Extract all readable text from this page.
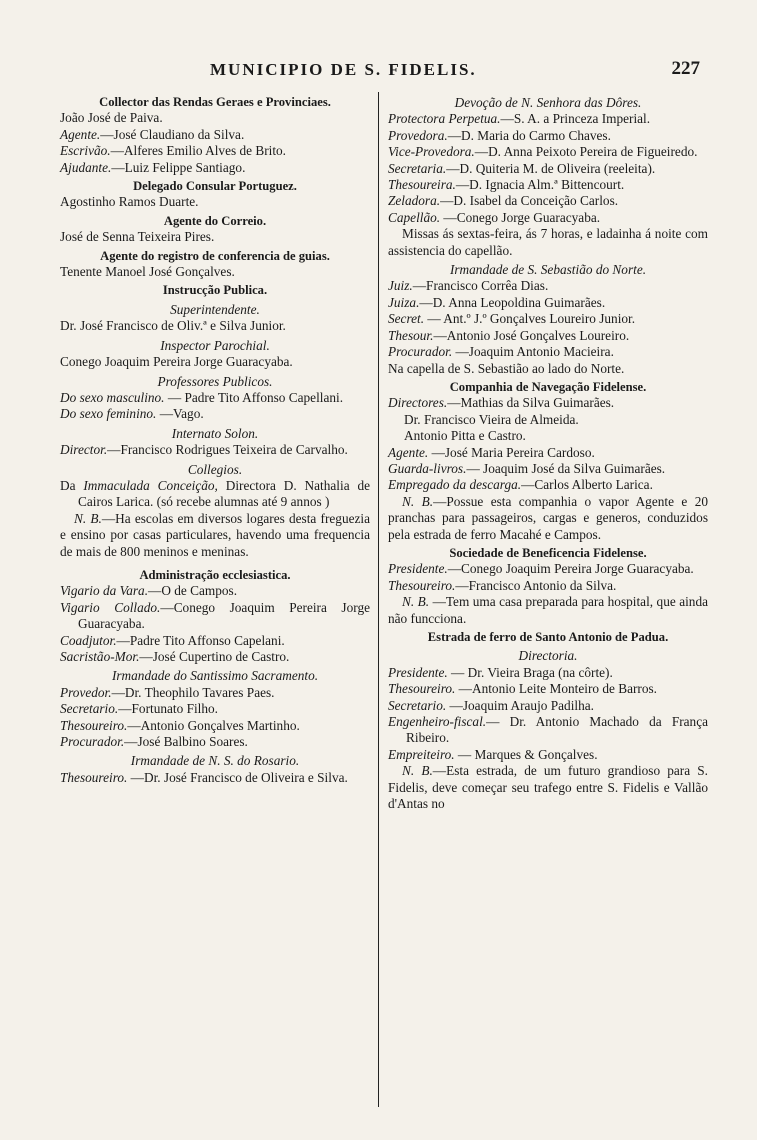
MUNICIPIO DE S. FIDELIS.	227
Collector das Rendas Geraes e Provinciaes.
João José de Paiva.
Agente.—José Claudiano da Silva.
Escrivão.—Alferes Emilio Alves de Brito.
Ajudante.—Luiz Felippe Santiago.
Delegado Consular Portuguez.
Agostinho Ramos Duarte.
Agente do Correio.
José de Senna Teixeira Pires.
Agente do registro de conferencia de guias.
Tenente Manoel José Gonçalves.
Instrucção Publica.
Superintendente.
Dr. José Francisco de Oliv.ª e Silva Junior.
Inspector Parochial.
Conego Joaquim Pereira Jorge Guaracyaba.
Professores Publicos.
Do sexo masculino. — Padre Tito Affonso Capellani.
Do sexo feminino. —Vago.
Internato Solon.
Director.—Francisco Rodrigues Teixeira de Carvalho.
Collegios.
Da Immaculada Conceição, Directora D. Nathalia de Cairos Larica. (só recebe alumnas até 9 annos )
N. B.—Ha escolas em diversos logares desta freguezia e ensino por casas particulares, havendo uma frequencia de mais de 800 meninos e meninas.
Administração ecclesiastica.
Vigario da Vara.—O de Campos.
Vigario Collado.—Conego Joaquim Pereira Jorge Guaracyaba.
Coadjutor.—Padre Tito Affonso Capelani.
Sacristão-Mor.—José Cupertino de Castro.
Irmandade do Santissimo Sacramento.
Provedor.—Dr. Theophilo Tavares Paes.
Secretario.—Fortunato Filho.
Thesoureiro.—Antonio Gonçalves Martinho.
Procurador.—José Balbino Soares.
Irmandade de N. S. do Rosario.
Thesoureiro. —Dr. José Francisco de Oliveira e Silva.
Devoção de N. Senhora das Dôres.
Protectora Perpetua.—S. A. a Princeza Imperial.
Provedora.—D. Maria do Carmo Chaves.
Vice-Provedora.—D. Anna Peixoto Pereira de Figueiredo.
Secretaria.—D. Quiteria M. de Oliveira (reeleita).
Thesoureira.—D. Ignacia Alm.ª Bittencourt.
Zeladora.—D. Isabel da Conceição Carlos.
Capellão. —Conego Jorge Guaracyaba.
Missas ás sextas-feira, ás 7 horas, e ladainha á noite com assistencia do capellão.
Irmandade de S. Sebastião do Norte.
Juiz.—Francisco Corrêa Dias.
Juiza.—D. Anna Leopoldina Guimarães.
Secret. — Ant.º J.º Gonçalves Loureiro Junior.
Thesour.—Antonio José Gonçalves Loureiro.
Procurador. —Joaquim Antonio Macieira.
Na capella de S. Sebastião ao lado do Norte.
Companhia de Navegação Fidelense.
Directores.—Mathias da Silva Guimarães.
Dr. Francisco Vieira de Almeida.
Antonio Pitta e Castro.
Agente. —José Maria Pereira Cardoso.
Guarda-livros.— Joaquim José da Silva Guimarães.
Empregado da descarga.—Carlos Alberto Larica.
N. B.—Possue esta companhia o vapor Agente e 20 pranchas para passageiros, cargas e generos, conduzidos pela estrada de ferro Macahé e Campos.
Sociedade de Beneficencia Fidelense.
Presidente.—Conego Joaquim Pereira Jorge Guaracyaba.
Thesoureiro.—Francisco Antonio da Silva.
N. B. —Tem uma casa preparada para hospital, que ainda não funcciona.
Estrada de ferro de Santo Antonio de Padua.
Directoria.
Presidente. — Dr. Vieira Braga (na côrte).
Thesoureiro. —Antonio Leite Monteiro de Barros.
Secretario. —Joaquim Araujo Padilha.
Engenheiro-fiscal.— Dr. Antonio Machado da França Ribeiro.
Empreiteiro. — Marques & Gonçalves.
N. B.—Esta estrada, de um futuro grandioso para S. Fidelis, deve começar seu trafego entre S. Fidelis e Vallão d'Antas no
